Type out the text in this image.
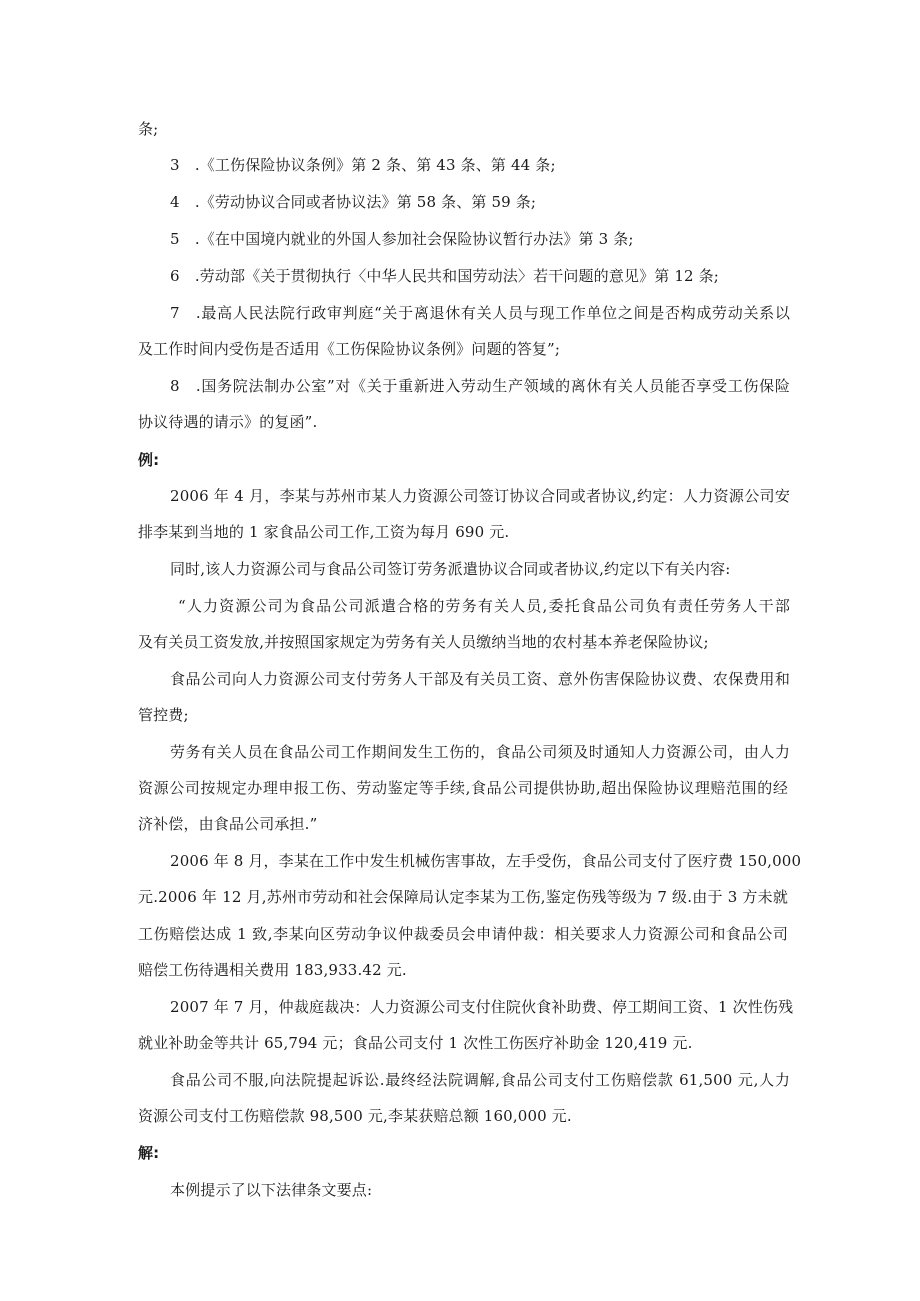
条;
3　.《工伤保险协议条例》第 2 条、第 43 条、第 44 条;
4　.《劳动协议合同或者协议法》第 58 条、第 59 条;
5　.《在中国境内就业的外国人参加社会保险协议暂行办法》第 3 条;
6　.劳动部《关于贯彻执行〈中华人民共和国劳动法〉若干问题的意见》第 12 条;
7　.最高人民法院行政审判庭“关于离退休有关人员与现工作单位之间是否构成劳动关系以
及工作时间内受伤是否适用《工伤保险协议条例》问题的答复”;
8　.国务院法制办公室”对《关于重新进入劳动生产领域的离休有关人员能否享受工伤保险
协议待遇的请示》的复函”.
例:
2006 年 4 月，李某与苏州市某人力资源公司签订协议合同或者协议,约定：人力资源公司安
排李某到当地的 1 家食品公司工作,工资为每月 690 元.
同时,该人力资源公司与食品公司签订劳务派遣协议合同或者协议,约定以下有关内容:
“人力资源公司为食品公司派遣合格的劳务有关人员,委托食品公司负有责任劳务人干部
及有关员工资发放,并按照国家规定为劳务有关人员缴纳当地的农村基本养老保险协议;
食品公司向人力资源公司支付劳务人干部及有关员工资、意外伤害保险协议费、农保费用和
管控费;
劳务有关人员在食品公司工作期间发生工伤的，食品公司须及时通知人力资源公司，由人力
资源公司按规定办理申报工伤、劳动鉴定等手续,食品公司提供协助,超出保险协议理赔范围的经
济补偿，由食品公司承担.”
2006 年 8 月，李某在工作中发生机械伤害事故，左手受伤，食品公司支付了医疗费 150,000
元.2006 年 12 月,苏州市劳动和社会保障局认定李某为工伤,鉴定伤残等级为 7 级.由于 3 方未就
工伤赔偿达成 1 致,李某向区劳动争议仲裁委员会申请仲裁：相关要求人力资源公司和食品公司
赔偿工伤待遇相关费用 183,933.42 元.
2007 年 7 月，仲裁庭裁决：人力资源公司支付住院伙食补助费、停工期间工资、1 次性伤残
就业补助金等共计 65,794 元；食品公司支付 1 次性工伤医疗补助金 120,419 元.
食品公司不服,向法院提起诉讼.最终经法院调解,食品公司支付工伤赔偿款 61,500 元,人力
资源公司支付工伤赔偿款 98,500 元,李某获赔总额 160,000 元.
解:
本例提示了以下法律条文要点:
